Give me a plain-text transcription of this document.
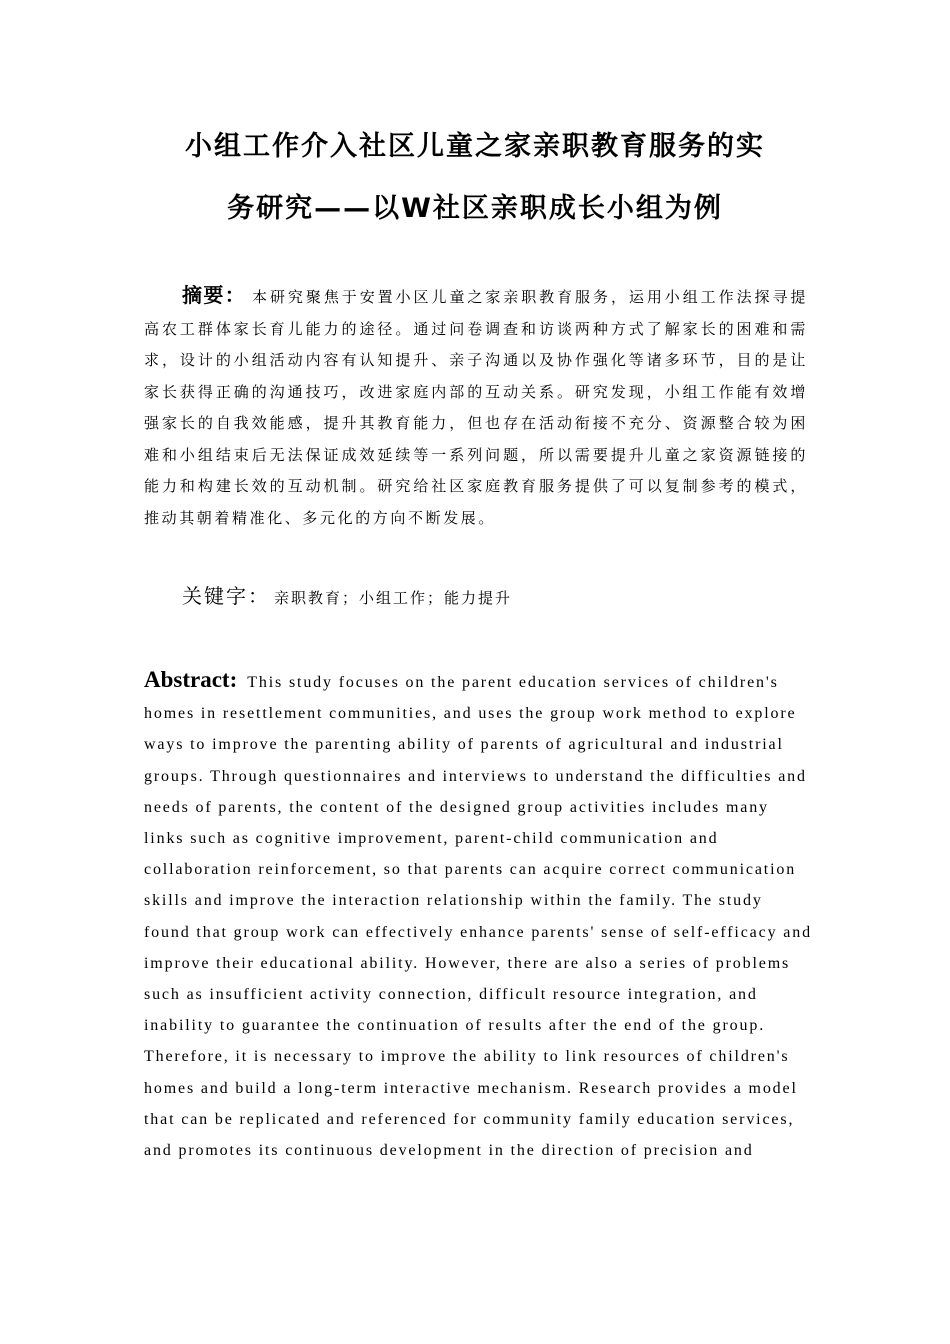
小组工作介入社区儿童之家亲职教育服务的实
务研究——以W社区亲职成长小组为例
摘要： 本研究聚焦于安置小区儿童之家亲职教育服务，运用小组工作法探寻提高农工群体家长育儿能力的途径。通过问卷调查和访谈两种方式了解家长的困难和需求，设计的小组活动内容有认知提升、亲子沟通以及协作强化等诸多环节，目的是让家长获得正确的沟通技巧，改进家庭内部的互动关系。研究发现，小组工作能有效增强家长的自我效能感，提升其教育能力，但也存在活动衔接不充分、资源整合较为困难和小组结束后无法保证成效延续等一系列问题，所以需要提升儿童之家资源链接的能力和构建长效的互动机制。研究给社区家庭教育服务提供了可以复制参考的模式，推动其朝着精准化、多元化的方向不断发展。
关键字： 亲职教育；小组工作；能力提升
Abstract: This study focuses on the parent education services of children's homes in resettlement communities, and uses the group work method to explore ways to improve the parenting ability of parents of agricultural and industrial groups. Through questionnaires and interviews to understand the difficulties and needs of parents, the content of the designed group activities includes many links such as cognitive improvement, parent-child communication and collaboration reinforcement, so that parents can acquire correct communication skills and improve the interaction relationship within the family. The study found that group work can effectively enhance parents' sense of self-efficacy and improve their educational ability. However, there are also a series of problems such as insufficient activity connection, difficult resource integration, and inability to guarantee the continuation of results after the end of the group. Therefore, it is necessary to improve the ability to link resources of children's homes and build a long-term interactive mechanism. Research provides a model that can be replicated and referenced for community family education services, and promotes its continuous development in the direction of precision and
